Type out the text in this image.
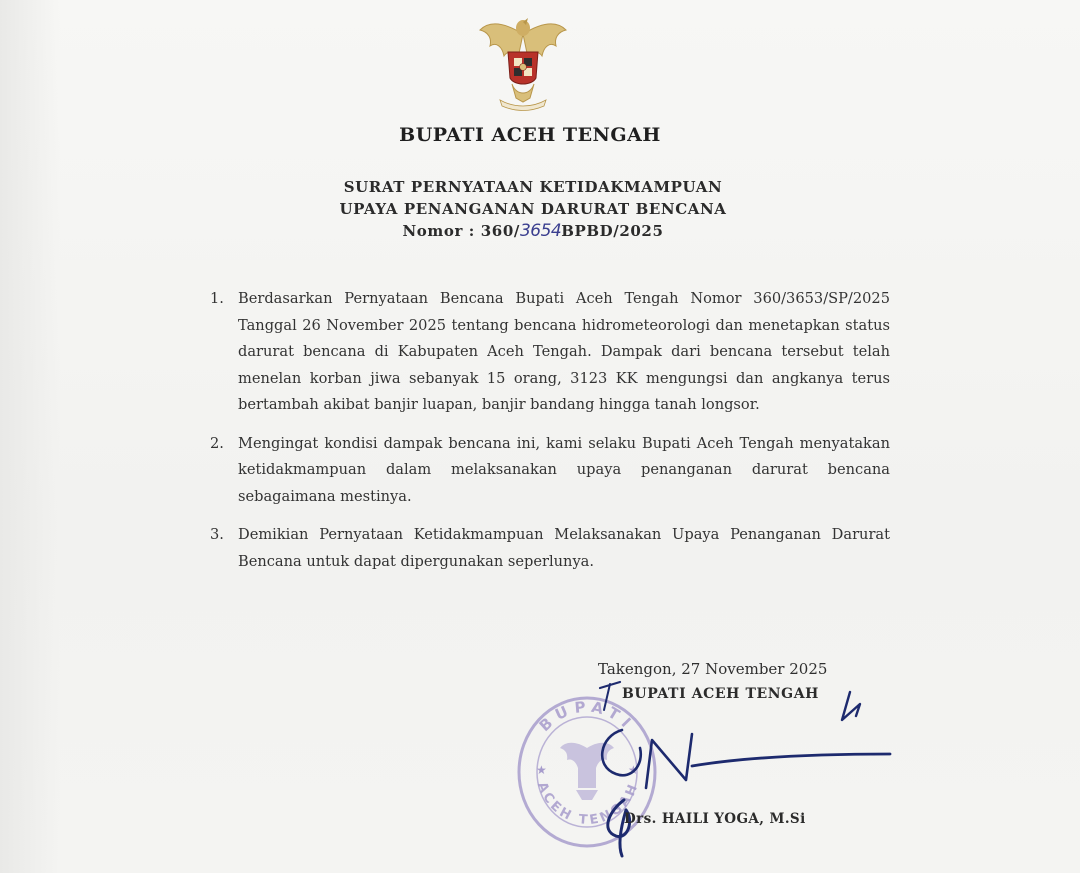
BUPATI ACEH TENGAH
SURAT PERNYATAAN KETIDAKMAMPUAN
UPAYA PENANGANAN DARURAT BENCANA
Nomor : 360/3654BPBD/2025
1. Berdasarkan Pernyataan Bencana Bupati Aceh Tengah Nomor 360/3653/SP/2025 Tanggal 26 November 2025 tentang bencana hidrometeorologi dan menetapkan status darurat bencana di Kabupaten Aceh Tengah. Dampak dari bencana tersebut telah menelan korban jiwa sebanyak 15 orang, 3123 KK mengungsi dan angkanya terus bertambah akibat banjir luapan, banjir bandang hingga tanah longsor.
2. Mengingat kondisi dampak bencana ini, kami selaku Bupati Aceh Tengah menyatakan ketidakmampuan dalam melaksanakan upaya penanganan darurat bencana sebagaimana mestinya.
3. Demikian Pernyataan Ketidakmampuan Melaksanakan Upaya Penanganan Darurat Bencana untuk dapat dipergunakan seperlunya.
Takengon, 27 November 2025
BUPATI ACEH TENGAH
BUPATI
ACEH TENGAH
★	★
Drs. HAILI YOGA, M.Si
